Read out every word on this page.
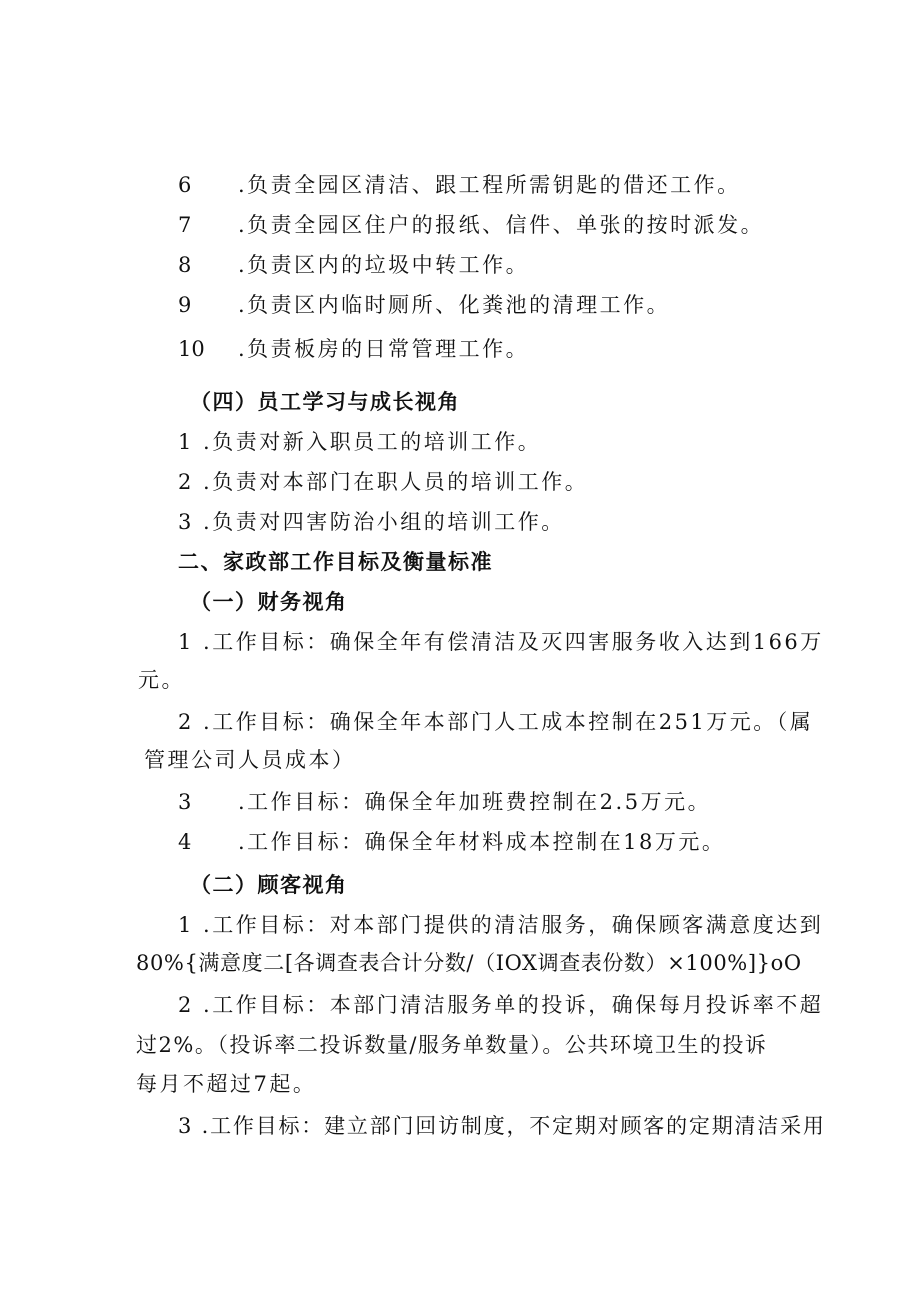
6 .负责全园区清洁、跟工程所需钥匙的借还工作。
7 .负责全园区住户的报纸、信件、单张的按时派发。
8 .负责区内的垃圾中转工作。
9 .负责区内临时厕所、化粪池的清理工作。
10 .负责板房的日常管理工作。
（四）员工学习与成长视角
1 .负责对新入职员工的培训工作。
2 .负责对本部门在职人员的培训工作。
3 .负责对四害防治小组的培训工作。
二、家政部工作目标及衡量标准
（一）财务视角
1 .工作目标：确保全年有偿清洁及灭四害服务收入达到166万
元。
2 .工作目标：确保全年本部门人工成本控制在251万元。（属
管理公司人员成本）
3 .工作目标：确保全年加班费控制在2.5万元。
4 .工作目标：确保全年材料成本控制在18万元。
（二）顾客视角
1 .工作目标：对本部门提供的清洁服务，确保顾客满意度达到
80%{满意度二[各调查表合计分数/（IOX调查表份数）×100%]}oO
2 .工作目标：本部门清洁服务单的投诉，确保每月投诉率不超
过2%。（投诉率二投诉数量/服务单数量）。公共环境卫生的投诉
每月不超过7起。
3 .工作目标：建立部门回访制度，不定期对顾客的定期清洁采用
